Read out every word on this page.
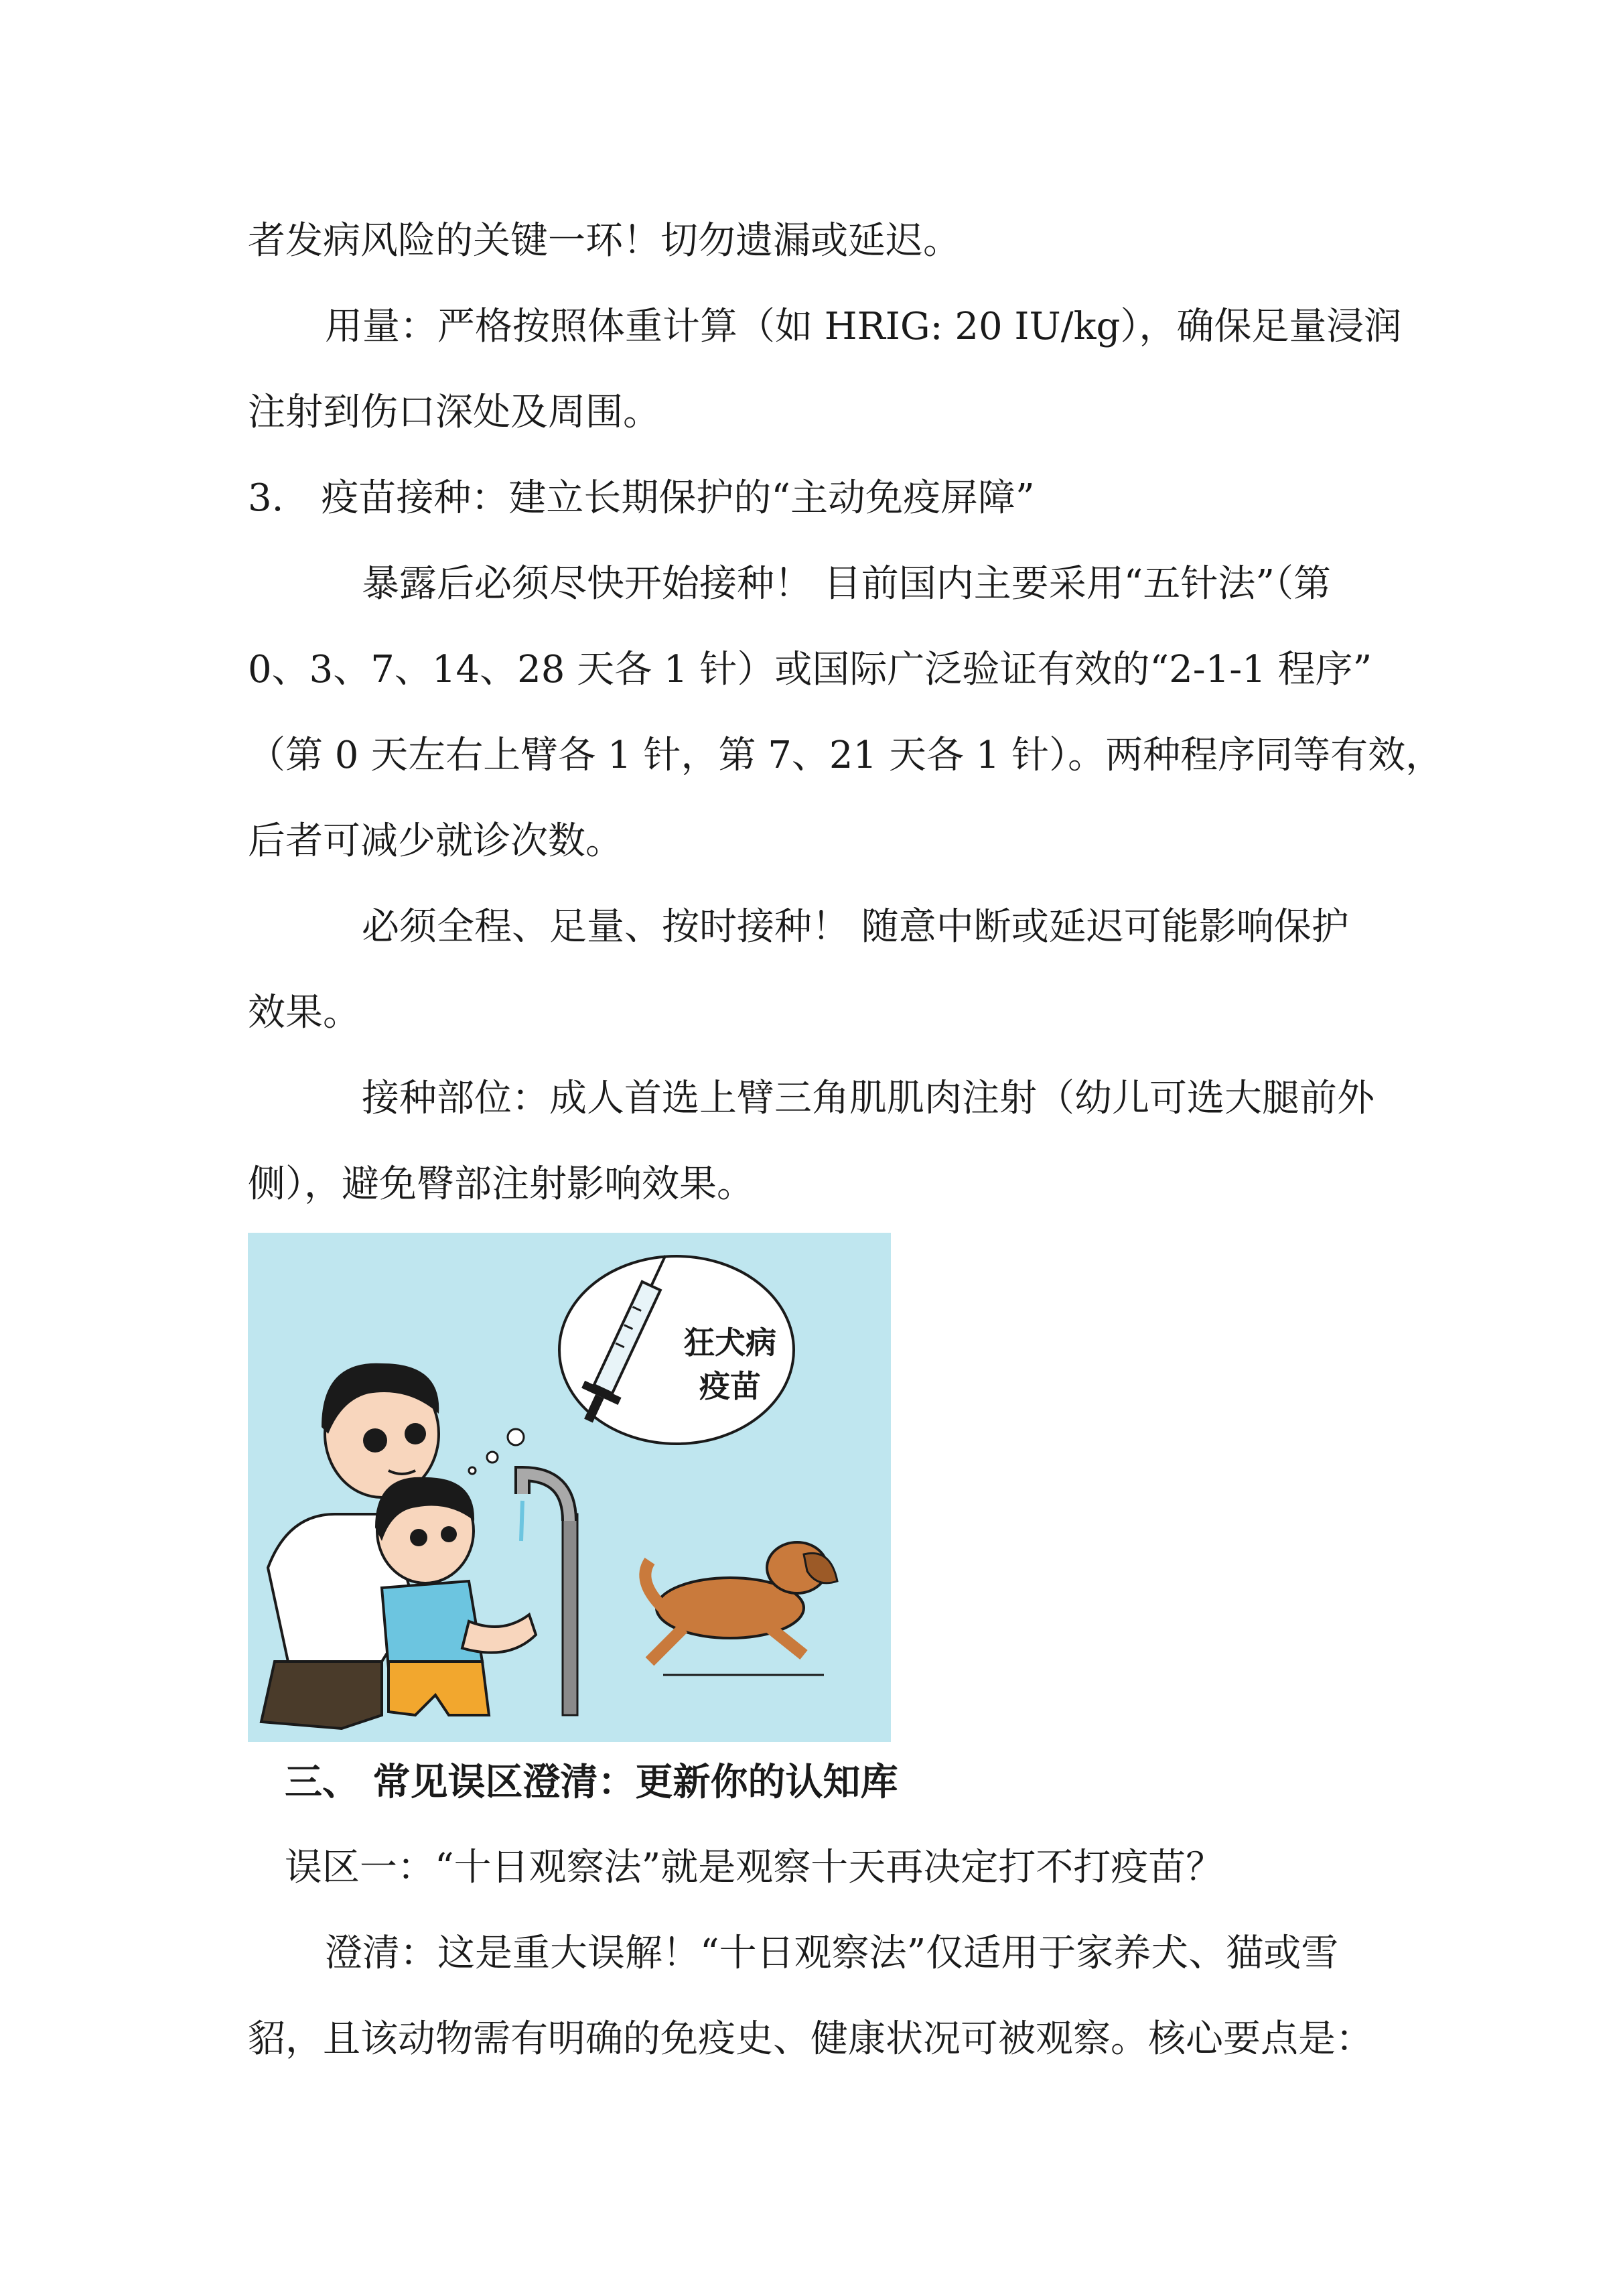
者发病风险的关键一环！切勿遗漏或延迟。
用量：严格按照体重计算（如 HRIG: 20 IU/kg），确保足量浸润
注射到伤口深处及周围。
3.　疫苗接种：建立长期保护的“主动免疫屏障”
暴露后必须尽快开始接种！ 目前国内主要采用“五针法”（第
0、3、7、14、28 天各 1 针）或国际广泛验证有效的“2-1-1 程序”
（第 0 天左右上臂各 1 针，第 7、21 天各 1 针）。两种程序同等有效，
后者可减少就诊次数。
必须全程、足量、按时接种！ 随意中断或延迟可能影响保护
效果。
接种部位：成人首选上臂三角肌肌肉注射（幼儿可选大腿前外
侧），避免臀部注射影响效果。
狂犬病
疫苗
三、 常见误区澄清：更新你的认知库
误区一：“十日观察法”就是观察十天再决定打不打疫苗？
澄清：这是重大误解！“十日观察法”仅适用于家养犬、猫或雪
貂，且该动物需有明确的免疫史、健康状况可被观察。核心要点是：
